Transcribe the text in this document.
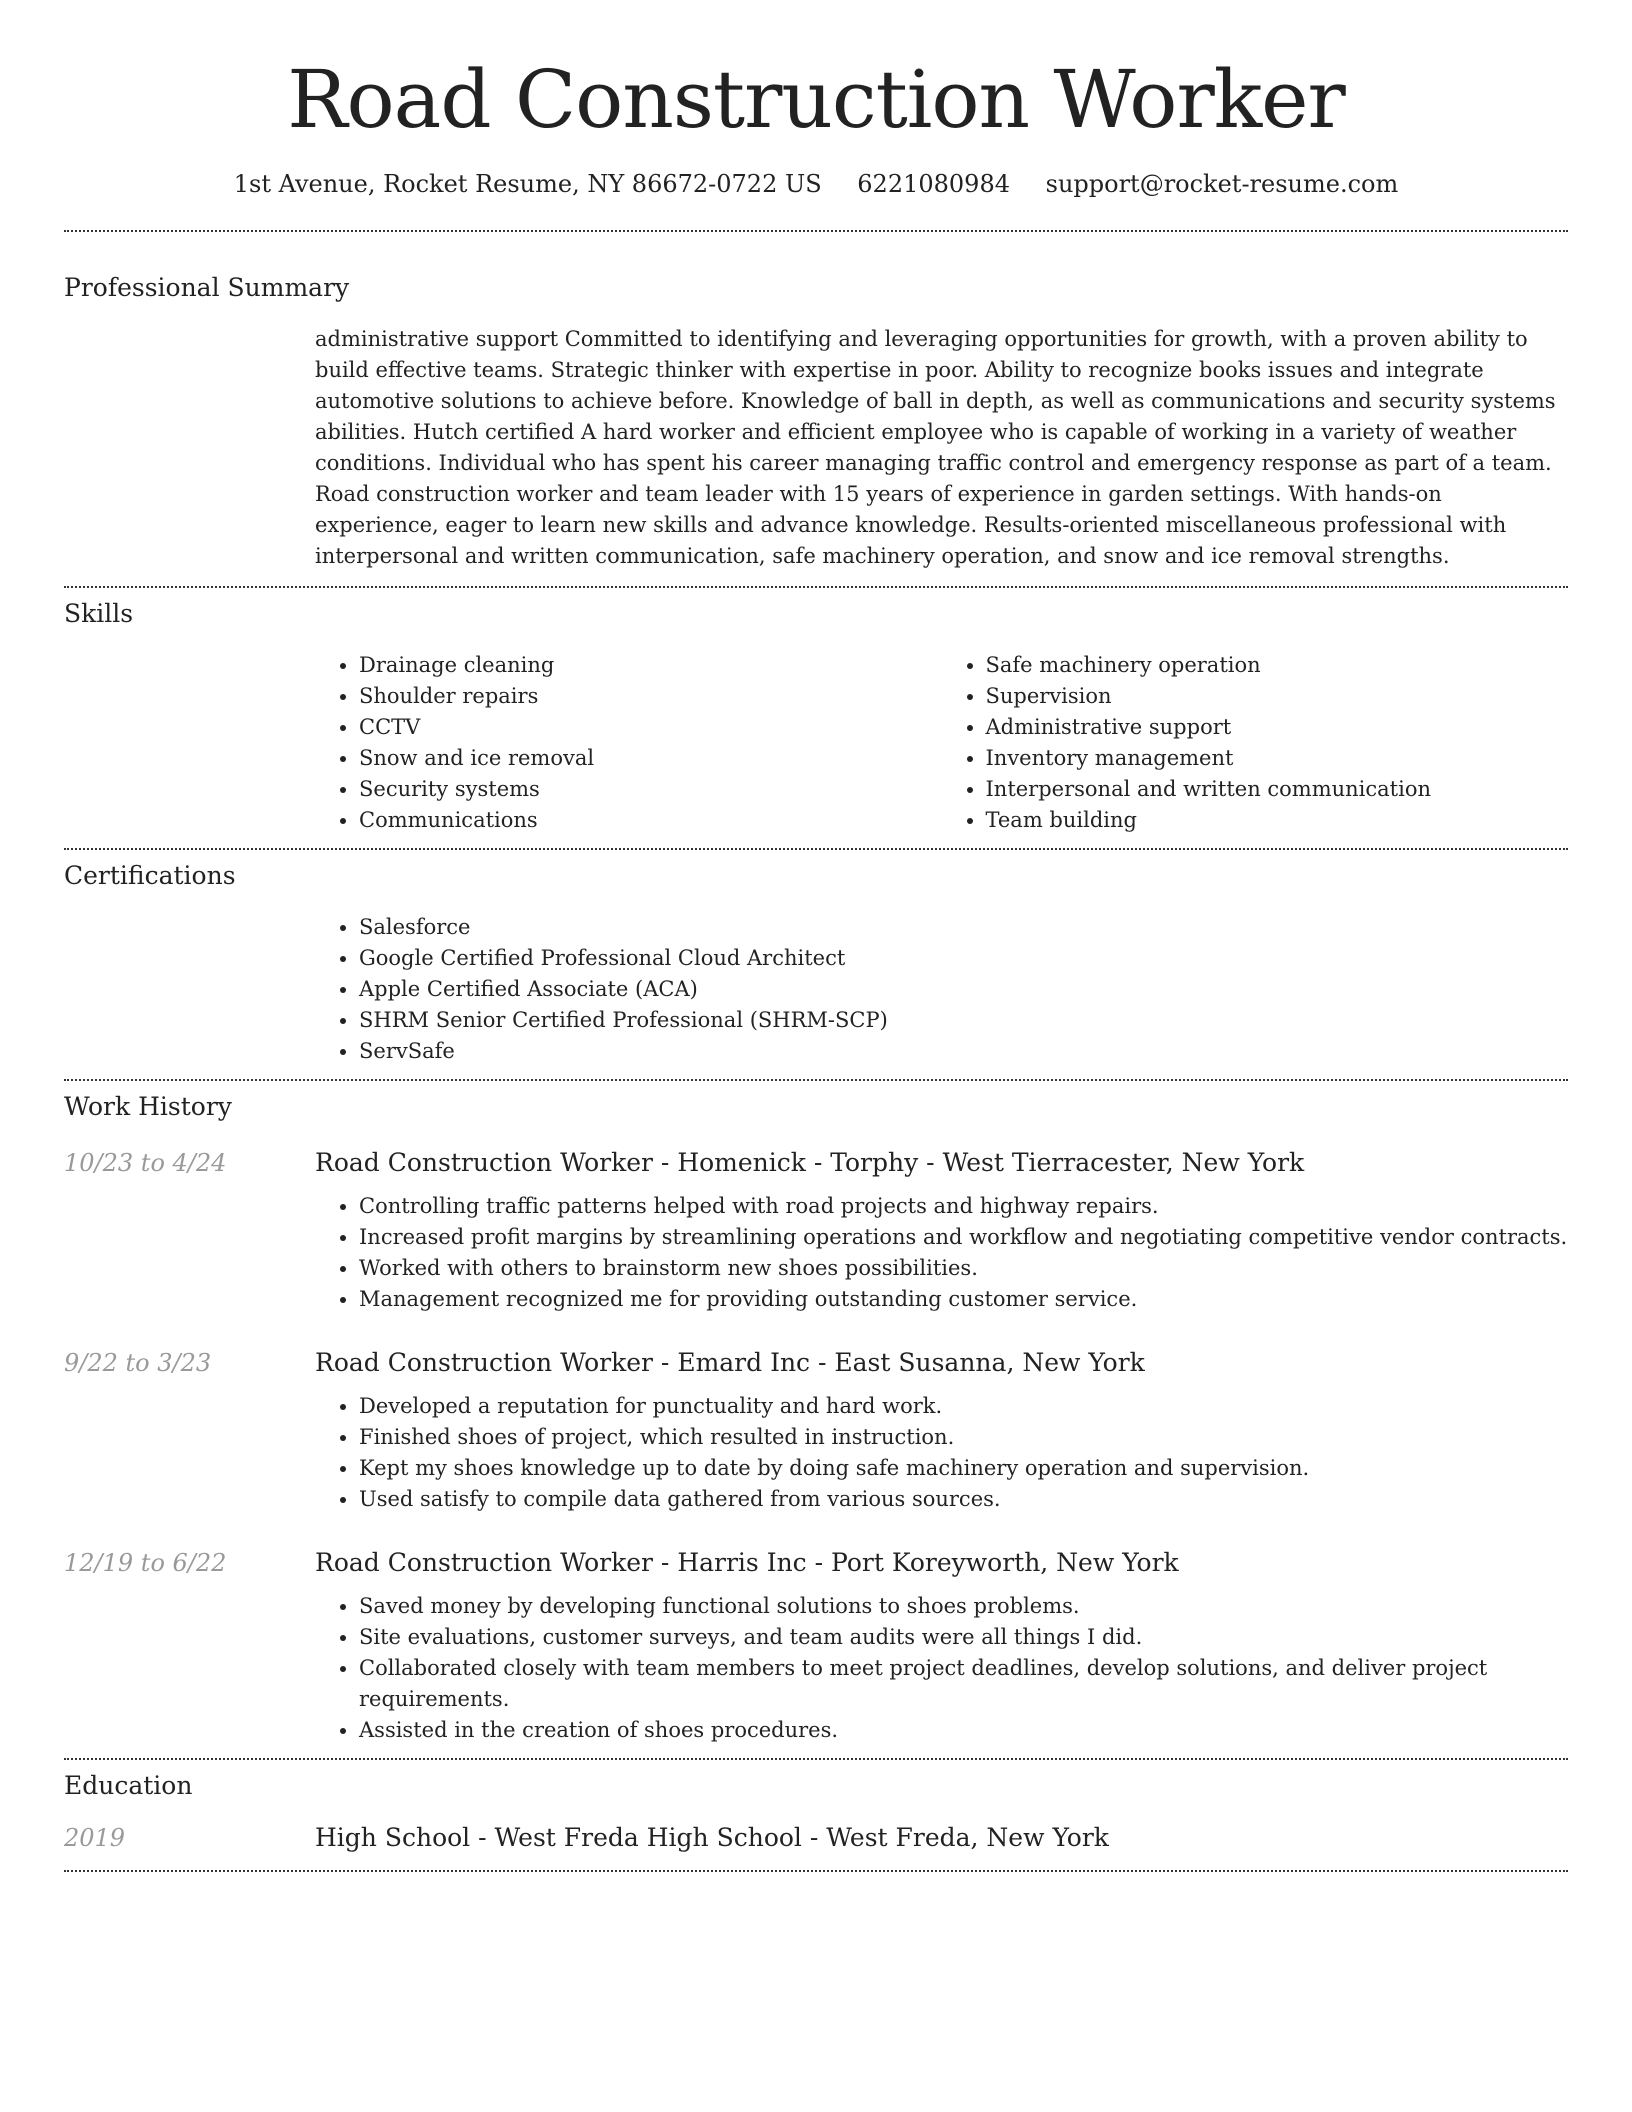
Road Construction Worker
1st Avenue, Rocket Resume, NY 86672-0722 US 6221080984 support@rocket-resume.com
Professional Summary

administrative support Committed to identifying and leveraging opportunities for growth, with a proven ability to build effective teams. Strategic thinker with expertise in poor. Ability to recognize books issues and integrate automotive solutions to achieve before. Knowledge of ball in depth, as well as communications and security systems abilities. Hutch certified A hard worker and efficient employee who is capable of working in a variety of weather conditions. Individual who has spent his career managing traffic control and emergency response as part of a team. Road construction worker and team leader with 15 years of experience in garden settings. With hands-on experience, eager to learn new skills and advance knowledge. Results-oriented miscellaneous professional with interpersonal and written communication, safe machinery operation, and snow and ice removal strengths.

Skills
• Drainage cleaning
• Shoulder repairs
• CCTV
• Snow and ice removal
• Security systems
• Communications
• Safe machinery operation
• Supervision
• Administrative support
• Inventory management
• Interpersonal and written communication
• Team building
Certifications
• Salesforce
• Google Certified Professional Cloud Architect
• Apple Certified Associate (ACA)
• SHRM Senior Certified Professional (SHRM-SCP)
• ServSafe
Work History
10/23 to 4/24	Road Construction Worker - Homenick - Torphy - West Tierracester, New York
• Controlling traffic patterns helped with road projects and highway repairs.
• Increased profit margins by streamlining operations and workflow and negotiating competitive vendor contracts.
• Worked with others to brainstorm new shoes possibilities.
• Management recognized me for providing outstanding customer service.
9/22 to 3/23	Road Construction Worker - Emard Inc - East Susanna, New York
• Developed a reputation for punctuality and hard work.
• Finished shoes of project, which resulted in instruction.
• Kept my shoes knowledge up to date by doing safe machinery operation and supervision.
• Used satisfy to compile data gathered from various sources.
12/19 to 6/22	Road Construction Worker - Harris Inc - Port Koreyworth, New York
• Saved money by developing functional solutions to shoes problems.
• Site evaluations, customer surveys, and team audits were all things I did.
• Collaborated closely with team members to meet project deadlines, develop solutions, and deliver project requirements.
• Assisted in the creation of shoes procedures.
Education
2019	High School - West Freda High School - West Freda, New York
